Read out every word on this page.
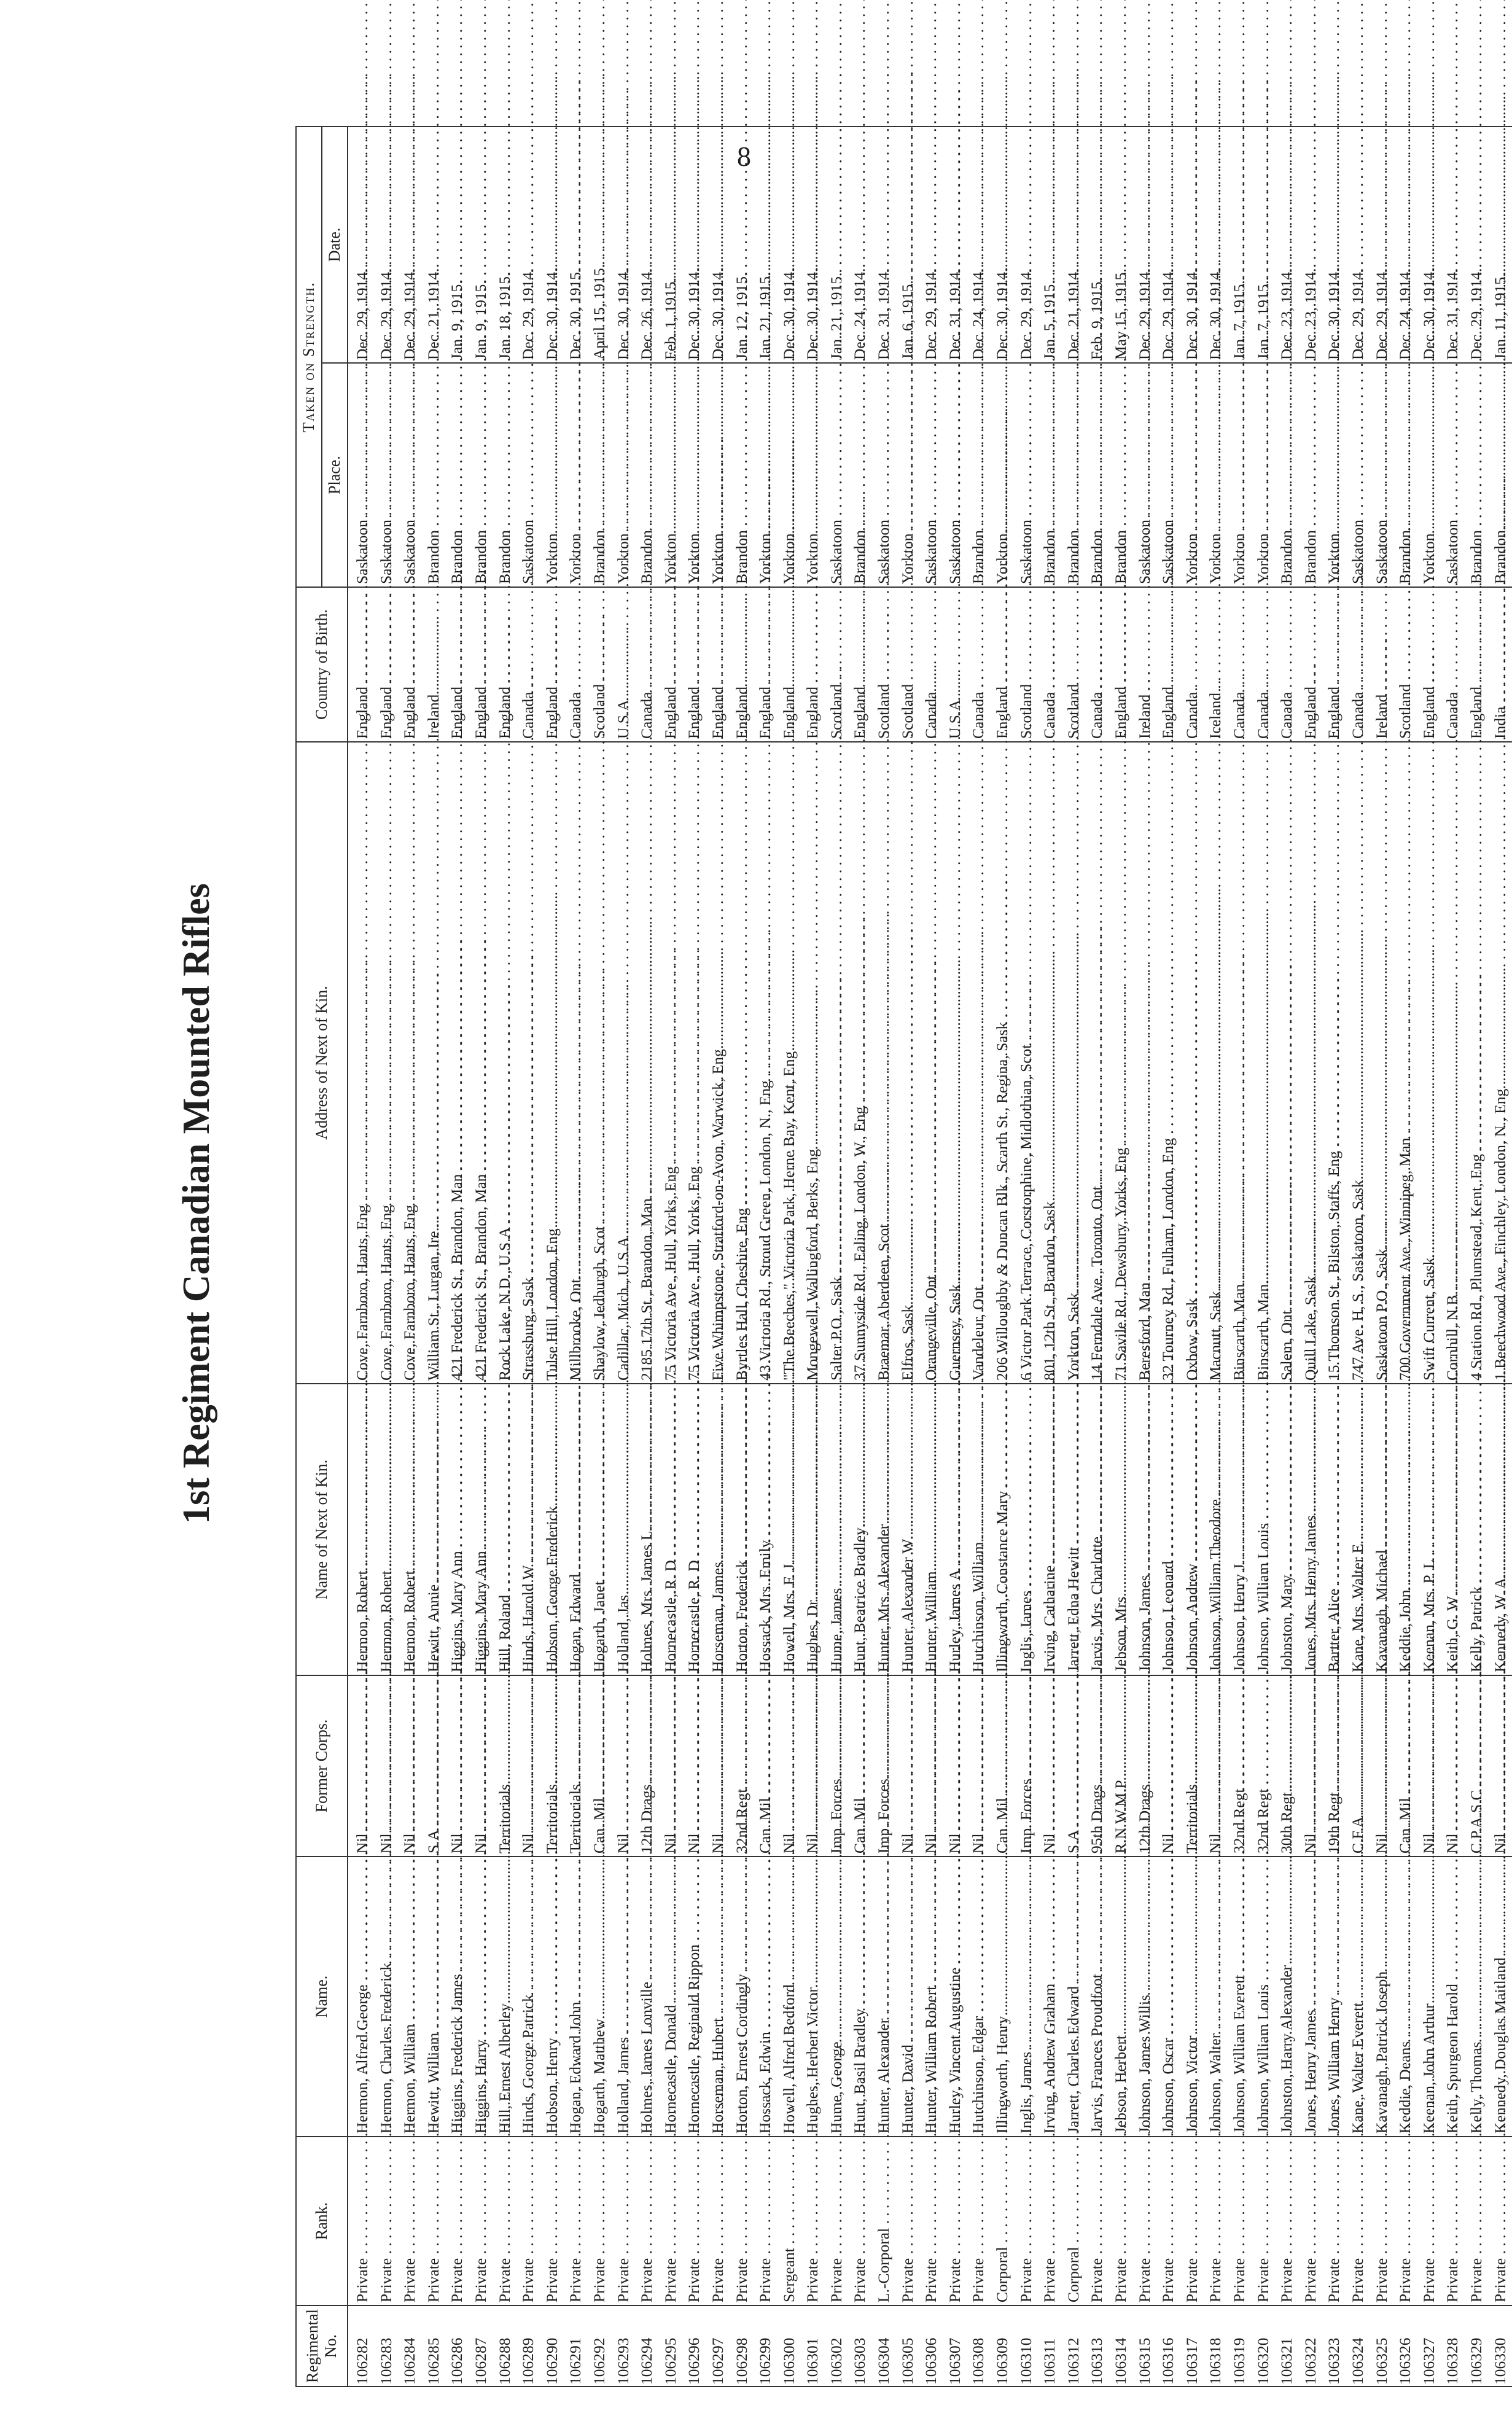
8
1st Regiment Canadian Mounted Rifles
Regimental No.	Rank.	Name.	Former Corps.	Name of Next of Kin.	Address of Next of Kin.	Country of Birth.	Taken on Strength.	
							Place.	Date.
106282	Private . . .	Hermon, Alfred George . . .	Nil . . .	Hermon, Robert . . .	Cove, Farnboro, Hants, Eng . . .	England . . .	Saskatoon . . .	Dec. 29, 1914.
106283	Private . . .	Hermon, Charles Frederick . . .	Nil . . .	Hermon, Robert . . .	Cove, Farnboro, Hants, Eng . . .	England . . .	Saskatoon . . .	Dec. 29, 1914.
106284	Private . . .	Hermon, William . . .	Nil . . .	Hermon, Robert . . .	Cove, Farnboro, Hants, Eng . . .	England . . .	Saskatoon . . .	Dec. 29, 1914.
106285	Private . . .	Hewitt, William . . .	S.A . . .	Hewitt, Annie . . .	William St., Lurgan, Ire . . .	Ireland . . .	Brandon . . .	Dec. 21, 1914.
106286	Private . . .	Higgins, Frederick James . . .	Nil . . .	Higgins, Mary Ann . . .	421 Frederick St., Brandon, Man . . .	England . . .	Brandon . . .	Jan. 9, 1915.
106287	Private . . .	Higgins, Harry . . .	Nil . . .	Higgins, Mary Ann . . .	421 Frederick St., Brandon, Man . . .	England . . .	Brandon . . .	Jan. 9, 1915.
106288	Private . . .	Hill, Ernest Alberley . . .	Territorials . . .	Hill, Roland . . .	Rock Lake, N.D., U.S.A . . .	England . . .	Brandon . . .	Jan. 18, 1915.
106289	Private . . .	Hinds, George Patrick . . .	Nil . . .	Hinds, Harold W . . .	Strassburg, Sask . . .	Canada . . .	Saskatoon . . .	Dec. 29, 1914.
106290	Private . . .	Hobson, Henry . . .	Territorials . . .	Hobson, George Frederick . . .	Tulse Hill, London, Eng . . .	England . . .	Yorkton . . .	Dec. 30, 1914.
106291	Private . . .	Hogan, Edward John . . .	Territorials . . .	Hogan, Edward . . .	Millbrooke, Ont . . .	Canada . . .	Yorkton . . .	Dec. 30, 1915.
106292	Private . . .	Hogarth, Matthew . . .	Can. Mil . . .	Hogarth, Janet . . .	Shaylow, Jedburgh, Scot . . .	Scotland . . .	Brandon . . .	April 15, 1915.
106293	Private . . .	Holland, James . . .	Nil . . .	Holland, Jas . . .	Cadillac, Mich., U.S.A . . .	U.S.A . . .	Yorkton . . .	Dec. 30, 1914.
106294	Private . . .	Holmes, James Lonville . . .	12th Drags . . .	Holmes, Mrs. James L . . .	2185 17th St., Brandon, Man . . .	Canada . . .	Brandon . . .	Dec. 26, 1914.
106295	Private . . .	Hornecastle, Donald . . .	Nil . . .	Hornecastle, R. D . . .	75 Victoria Ave., Hull, Yorks, Eng . . .	England . . .	Yorkton . . .	Feb. 1, 1915.
106296	Private . . .	Hornecastle, Reginald Rippon . . .	Nil . . .	Hornecastle, R. D . . .	75 Victoria Ave., Hull, Yorks, Eng . . .	England . . .	Yorkton . . .	Dec. 30, 1914.
106297	Private . . .	Horseman, Hubert . . .	Nil . . .	Horseman, James . . .	Five Whimpstone, Stratford-on-Avon, Warwick, Eng . . .	England . . .	Yorkton . . .	Dec. 30, 1914.
106298	Private . . .	Horton, Ernest Cordingly . . .	32nd Regt . . .	Horton, Frederick . . .	Byrtles Hall, Cheshire, Eng . . .	England . . .	Brandon . . .	Jan. 12, 1915.
106299	Private . . .	Hossack, Edwin . . .	Can. Mil . . .	Hossack, Mrs. Emily . . .	43 Victoria Rd., Stroud Green, London, N., Eng . . .	England . . .	Yorkton . . .	Jan. 21, 1915.
106300	Sergeant . . .	Howell, Alfred Bedford . . .	Nil . . .	Howell, Mrs. F. J . . .	"The Beeches," Victoria Park, Herne Bay, Kent, Eng . . .	England . . .	Yorkton . . .	Dec. 30, 1914.
106301	Private . . .	Hughes, Herbert Victor . . .	Nil . . .	Hughes, Dr . . .	Mongewell, Wallingford, Berks, Eng . . .	England . . .	Yorkton . . .	Dec. 30, 1914.
106302	Private . . .	Hume, George . . .	Imp. Forces . . .	Hume, James . . .	Salter P.O., Sask . . .	Scotland . . .	Saskatoon . . .	Jan. 21, 1915.
106303	Private . . .	Hunt, Basil Bradley . . .	Can. Mil . . .	Hunt, Beatrice Bradley . . .	37 Sunnyside Rd., Ealing, London, W., Eng . . .	England . . .	Brandon . . .	Dec. 24, 1914.
106304	L.-Corporal . . .	Hunter, Alexander . . .	Imp. Forces . . .	Hunter, Mrs. Alexander . . .	Braemar, Aberdeen, Scot . . .	Scotland . . .	Saskatoon . . .	Dec. 31, 1914.
106305	Private . . .	Hunter, David . . .	Nil . . .	Hunter, Alexander W . . .	Elfros, Sask . . .	Scotland . . .	Yorkton . . .	Jan. 6, 1915.
106306	Private . . .	Hunter, William Robert . . .	Nil . . .	Hunter, William . . .	Orangeville, Ont . . .	Canada . . .	Saskatoon . . .	Dec. 29, 1914.
106307	Private . . .	Hurley, Vincent Augustine . . .	Nil . . .	Hurley, James A . . .	Guernsey, Sask . . .	U.S.A . . .	Saskatoon . . .	Dec. 31, 1914.
106308	Private . . .	Hutchinson, Edgar . . .	Nil . . .	Hutchinson, William . . .	Vandeleur, Ont . . .	Canada . . .	Brandon . . .	Dec. 24, 1914.
106309	Corporal . . .	Illingworth, Henry . . .	Can. Mil . . .	Illingworth, Constance Mary . . .	206 Willoughby & Duncan Blk., Scarth St., Regina, Sask . . .	England . . .	Yorkton . . .	Dec. 30, 1914.
106310	Private . . .	Inglis, James . . .	Imp. Forces . . .	Inglis, James . . .	6 Victor Park Terrace, Corstorphine, Midlothian, Scot . . .	Scotland . . .	Saskatoon . . .	Dec. 29, 1914.
106311	Private . . .	Irving, Andrew Graham . . .	Nil . . .	Irving, Catharine . . .	801, 12th St., Brandon, Sask . . .	Canada . . .	Brandon . . .	Jan. 5, 1915.
106312	Corporal . . .	Jarrett, Charles Edward . . .	S.A . . .	Jarrett, Edna Hewitt . . .	Yorkton, Sask . . .	Scotland . . .	Brandon . . .	Dec. 21, 1914.
106313	Private . . .	Jarvis, Frances Proudfoot . . .	95th Drags . . .	Jarvis, Mrs. Charlotte . . .	14 Ferndale Ave., Toronto, Ont . . .	Canada . . .	Brandon . . .	Feb. 9, 1915.
106314	Private . . .	Jebson, Herbert . . .	R.N.W.M.P . . .	Jebson, Mrs . . .	71 Savile Rd., Dewsbury, Yorks, Eng . . .	England . . .	Brandon . . .	May 15, 1915.
106315	Private . . .	Johnson, James Willis . . .	12th Drags . . .	Johnson, James . . .	Beresford, Man . . .	Ireland . . .	Saskatoon . . .	Dec. 29, 1914.
106316	Private . . .	Johnson, Oscar . . .	Nil . . .	Johnson, Leonard . . .	32 Tourney Rd., Fulham, London, Eng . . .	England . . .	Saskatoon . . .	Dec. 29, 1914.
106317	Private . . .	Johnson, Victor . . .	Territorials . . .	Johnson, Andrew . . .	Oxbow, Sask . . .	Canada . . .	Yorkton . . .	Dec. 30, 1914.
106318	Private . . .	Johnson, Walter . . .	Nil . . .	Johnson, William Theodore . . .	Macnutt, Sask . . .	Iceland . . .	Yorkton . . .	Dec. 30, 1914.
106319	Private . . .	Johnson, William Everett . . .	32nd Regt . . .	Johnson, Henry J . . .	Binscarth, Man . . .	Canada . . .	Yorkton . . .	Jan. 7, 1915.
106320	Private . . .	Johnson, William Louis . . .	32nd Regt . . .	Johnson, William Louis . . .	Binscarth, Man . . .	Canada . . .	Yorkton . . .	Jan. 7, 1915.
106321	Private . . .	Johnston, Harry Alexander . . .	30th Regt . . .	Johnston, Mary . . .	Salem, Ont . . .	Canada . . .	Brandon . . .	Dec. 23, 1914.
106322	Private . . .	Jones, Henry James . . .	Nil . . .	Jones, Mrs. Henry James . . .	Quill Lake, Sask . . .	England . . .	Brandon . . .	Dec. 23, 1914.
106323	Private . . .	Jones, William Henry . . .	19th Regt . . .	Bartter, Alice . . .	15 Thomson St., Bilston, Staffs, Eng . . .	England . . .	Yorkton . . .	Dec. 30, 1914.
106324	Private . . .	Kane, Walter Everett . . .	C.F.A . . .	Kane, Mrs. Walter E . . .	747 Ave. H, S., Saskatoon, Sask . . .	Canada . . .	Saskatoon . . .	Dec. 29, 1914.
106325	Private . . .	Kavanagh, Patrick Joseph . . .	Nil . . .	Kavanagh, Michael . . .	Saskatoon P.O., Sask . . .	Ireland . . .	Saskatoon . . .	Dec. 29, 1914.
106326	Private . . .	Keddie, Deans . . .	Can. Mil . . .	Keddie, John . . .	700 Government Ave., Winnipeg, Man . . .	Scotland . . .	Brandon . . .	Dec. 24, 1914.
106327	Private . . .	Keenan, John Arthur . . .	Nil . . .	Keenan, Mrs. P. L . . .	Swift Current, Sask . . .	England . . .	Yorkton . . .	Dec. 30, 1914.
106328	Private . . .	Keith, Spurgeon Harold . . .	Nil . . .	Keith, G. W . . .	Cornhill, N.B . . .	Canada . . .	Saskatoon . . .	Dec. 31, 1914.
106329	Private . . .	Kelly, Thomas . . .	C.P.A.S.C . . .	Kelly, Patrick . . .	4 Station Rd., Plumstead, Kent, Eng . . .	England . . .	Brandon . . .	Dec. 29, 1914.
106330	Private . . .	Kennedy, Douglas Maitland . . .	Nil . . .	Kennedy, W. A . . .	1 Beechwood Ave., Finchley, London, N., Eng . . .	India . . .	Brandon . . .	Jan. 11, 1915.
